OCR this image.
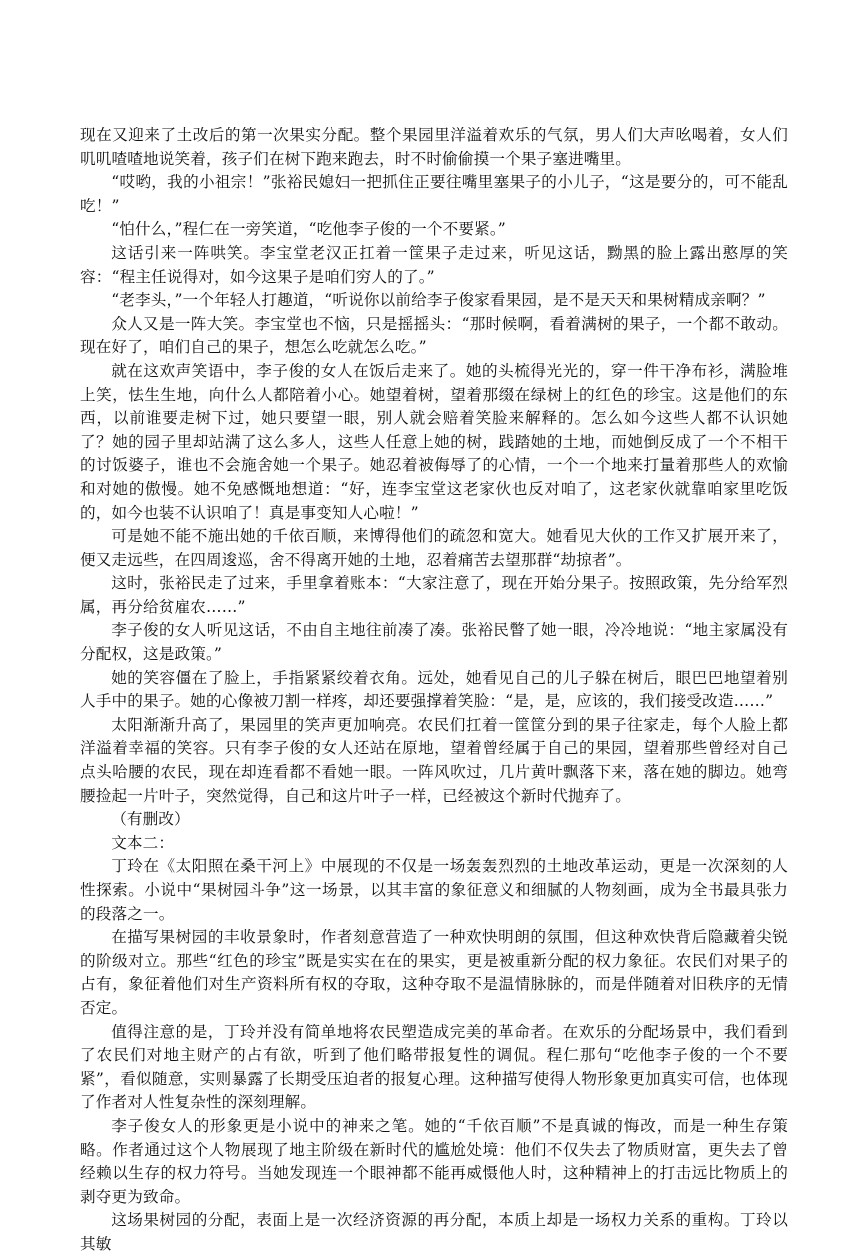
现在又迎来了土改后的第一次果实分配。整个果园里洋溢着欢乐的气氛，男人们大声吆喝着，女人们叽叽喳喳地说笑着，孩子们在树下跑来跑去，时不时偷偷摸一个果子塞进嘴里。

“哎哟，我的小祖宗！”张裕民媳妇一把抓住正要往嘴里塞果子的小儿子，“这是要分的，可不能乱吃！”

“怕什么，”程仁在一旁笑道，“吃他李子俊的一个不要紧。”

这话引来一阵哄笑。李宝堂老汉正扛着一筐果子走过来，听见这话，黝黑的脸上露出憨厚的笑容：“程主任说得对，如今这果子是咱们穷人的了。”

“老李头，”一个年轻人打趣道，“听说你以前给李子俊家看果园，是不是天天和果树精成亲啊？”

众人又是一阵大笑。李宝堂也不恼，只是摇摇头：“那时候啊，看着满树的果子，一个都不敢动。现在好了，咱们自己的果子，想怎么吃就怎么吃。”

就在这欢声笑语中，李子俊的女人在饭后走来了。她的头梳得光光的，穿一件干净布衫，满脸堆上笑，怯生生地，向什么人都陪着小心。她望着树，望着那缀在绿树上的红色的珍宝。这是他们的东西，以前谁要走树下过，她只要望一眼，别人就会赔着笑脸来解释的。怎么如今这些人都不认识她了？她的园子里却站满了这么多人，这些人任意上她的树，践踏她的土地，而她倒反成了一个不相干的讨饭婆子，谁也不会施舍她一个果子。她忍着被侮辱了的心情，一个一个地来打量着那些人的欢愉和对她的傲慢。她不免感慨地想道：“好，连李宝堂这老家伙也反对咱了，这老家伙就靠咱家里吃饭的，如今也装不认识咱了！真是事变知人心啦！”

可是她不能不施出她的千依百顺，来博得他们的疏忽和宽大。她看见大伙的工作又扩展开来了，便又走远些，在四周逡巡，舍不得离开她的土地，忍着痛苦去望那群“劫掠者”。

这时，张裕民走了过来，手里拿着账本：“大家注意了，现在开始分果子。按照政策，先分给军烈属，再分给贫雇农……”

李子俊的女人听见这话，不由自主地往前凑了凑。张裕民瞥了她一眼，冷冷地说：“地主家属没有分配权，这是政策。”

她的笑容僵在了脸上，手指紧紧绞着衣角。远处，她看见自己的儿子躲在树后，眼巴巴地望着别人手中的果子。她的心像被刀割一样疼，却还要强撑着笑脸：“是，是，应该的，我们接受改造……”

太阳渐渐升高了，果园里的笑声更加响亮。农民们扛着一筐筐分到的果子往家走，每个人脸上都洋溢着幸福的笑容。只有李子俊的女人还站在原地，望着曾经属于自己的果园，望着那些曾经对自己点头哈腰的农民，现在却连看都不看她一眼。一阵风吹过，几片黄叶飘落下来，落在她的脚边。她弯腰捡起一片叶子，突然觉得，自己和这片叶子一样，已经被这个新时代抛弃了。

（有删改）

文本二：

丁玲在《太阳照在桑干河上》中展现的不仅是一场轰轰烈烈的土地改革运动，更是一次深刻的人性探索。小说中“果树园斗争”这一场景，以其丰富的象征意义和细腻的人物刻画，成为全书最具张力的段落之一。

在描写果树园的丰收景象时，作者刻意营造了一种欢快明朗的氛围，但这种欢快背后隐藏着尖锐的阶级对立。那些“红色的珍宝”既是实实在在的果实，更是被重新分配的权力象征。农民们对果子的占有，象征着他们对生产资料所有权的夺取，这种夺取不是温情脉脉的，而是伴随着对旧秩序的无情否定。

值得注意的是，丁玲并没有简单地将农民塑造成完美的革命者。在欢乐的分配场景中，我们看到了农民们对地主财产的占有欲，听到了他们略带报复性的调侃。程仁那句“吃他李子俊的一个不要紧”，看似随意，实则暴露了长期受压迫者的报复心理。这种描写使得人物形象更加真实可信，也体现了作者对人性复杂性的深刻理解。

李子俊女人的形象更是小说中的神来之笔。她的“千依百顺”不是真诚的悔改，而是一种生存策略。作者通过这个人物展现了地主阶级在新时代的尴尬处境：他们不仅失去了物质财富，更失去了曾经赖以生存的权力符号。当她发现连一个眼神都不能再威慑他人时，这种精神上的打击远比物质上的剥夺更为致命。

这场果树园的分配，表面上是一次经济资源的再分配，本质上却是一场权力关系的重构。丁玲以其敏
